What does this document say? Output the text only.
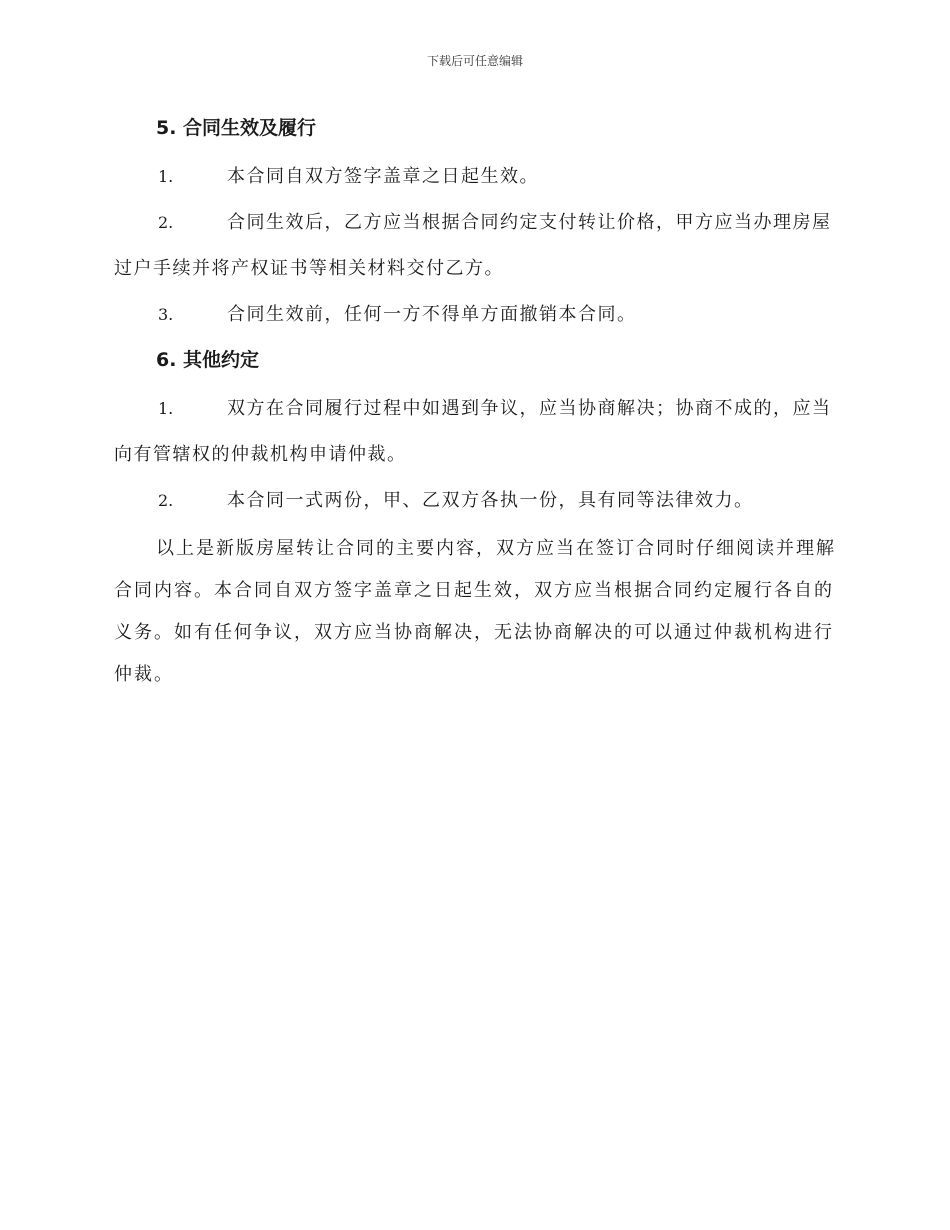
下载后可任意编辑
5. 合同生效及履行

1.	本合同自双方签字盖章之日起生效。

2.	合同生效后，乙方应当根据合同约定支付转让价格，甲方应当办理房屋过户手续并将产权证书等相关材料交付乙方。

3.	合同生效前，任何一方不得单方面撤销本合同。

6. 其他约定

1.	双方在合同履行过程中如遇到争议，应当协商解决；协商不成的，应当向有管辖权的仲裁机构申请仲裁。

2.	本合同一式两份，甲、乙双方各执一份，具有同等法律效力。

以上是新版房屋转让合同的主要内容，双方应当在签订合同时仔细阅读并理解合同内容。本合同自双方签字盖章之日起生效，双方应当根据合同约定履行各自的义务。如有任何争议，双方应当协商解决，无法协商解决的可以通过仲裁机构进行仲裁。
